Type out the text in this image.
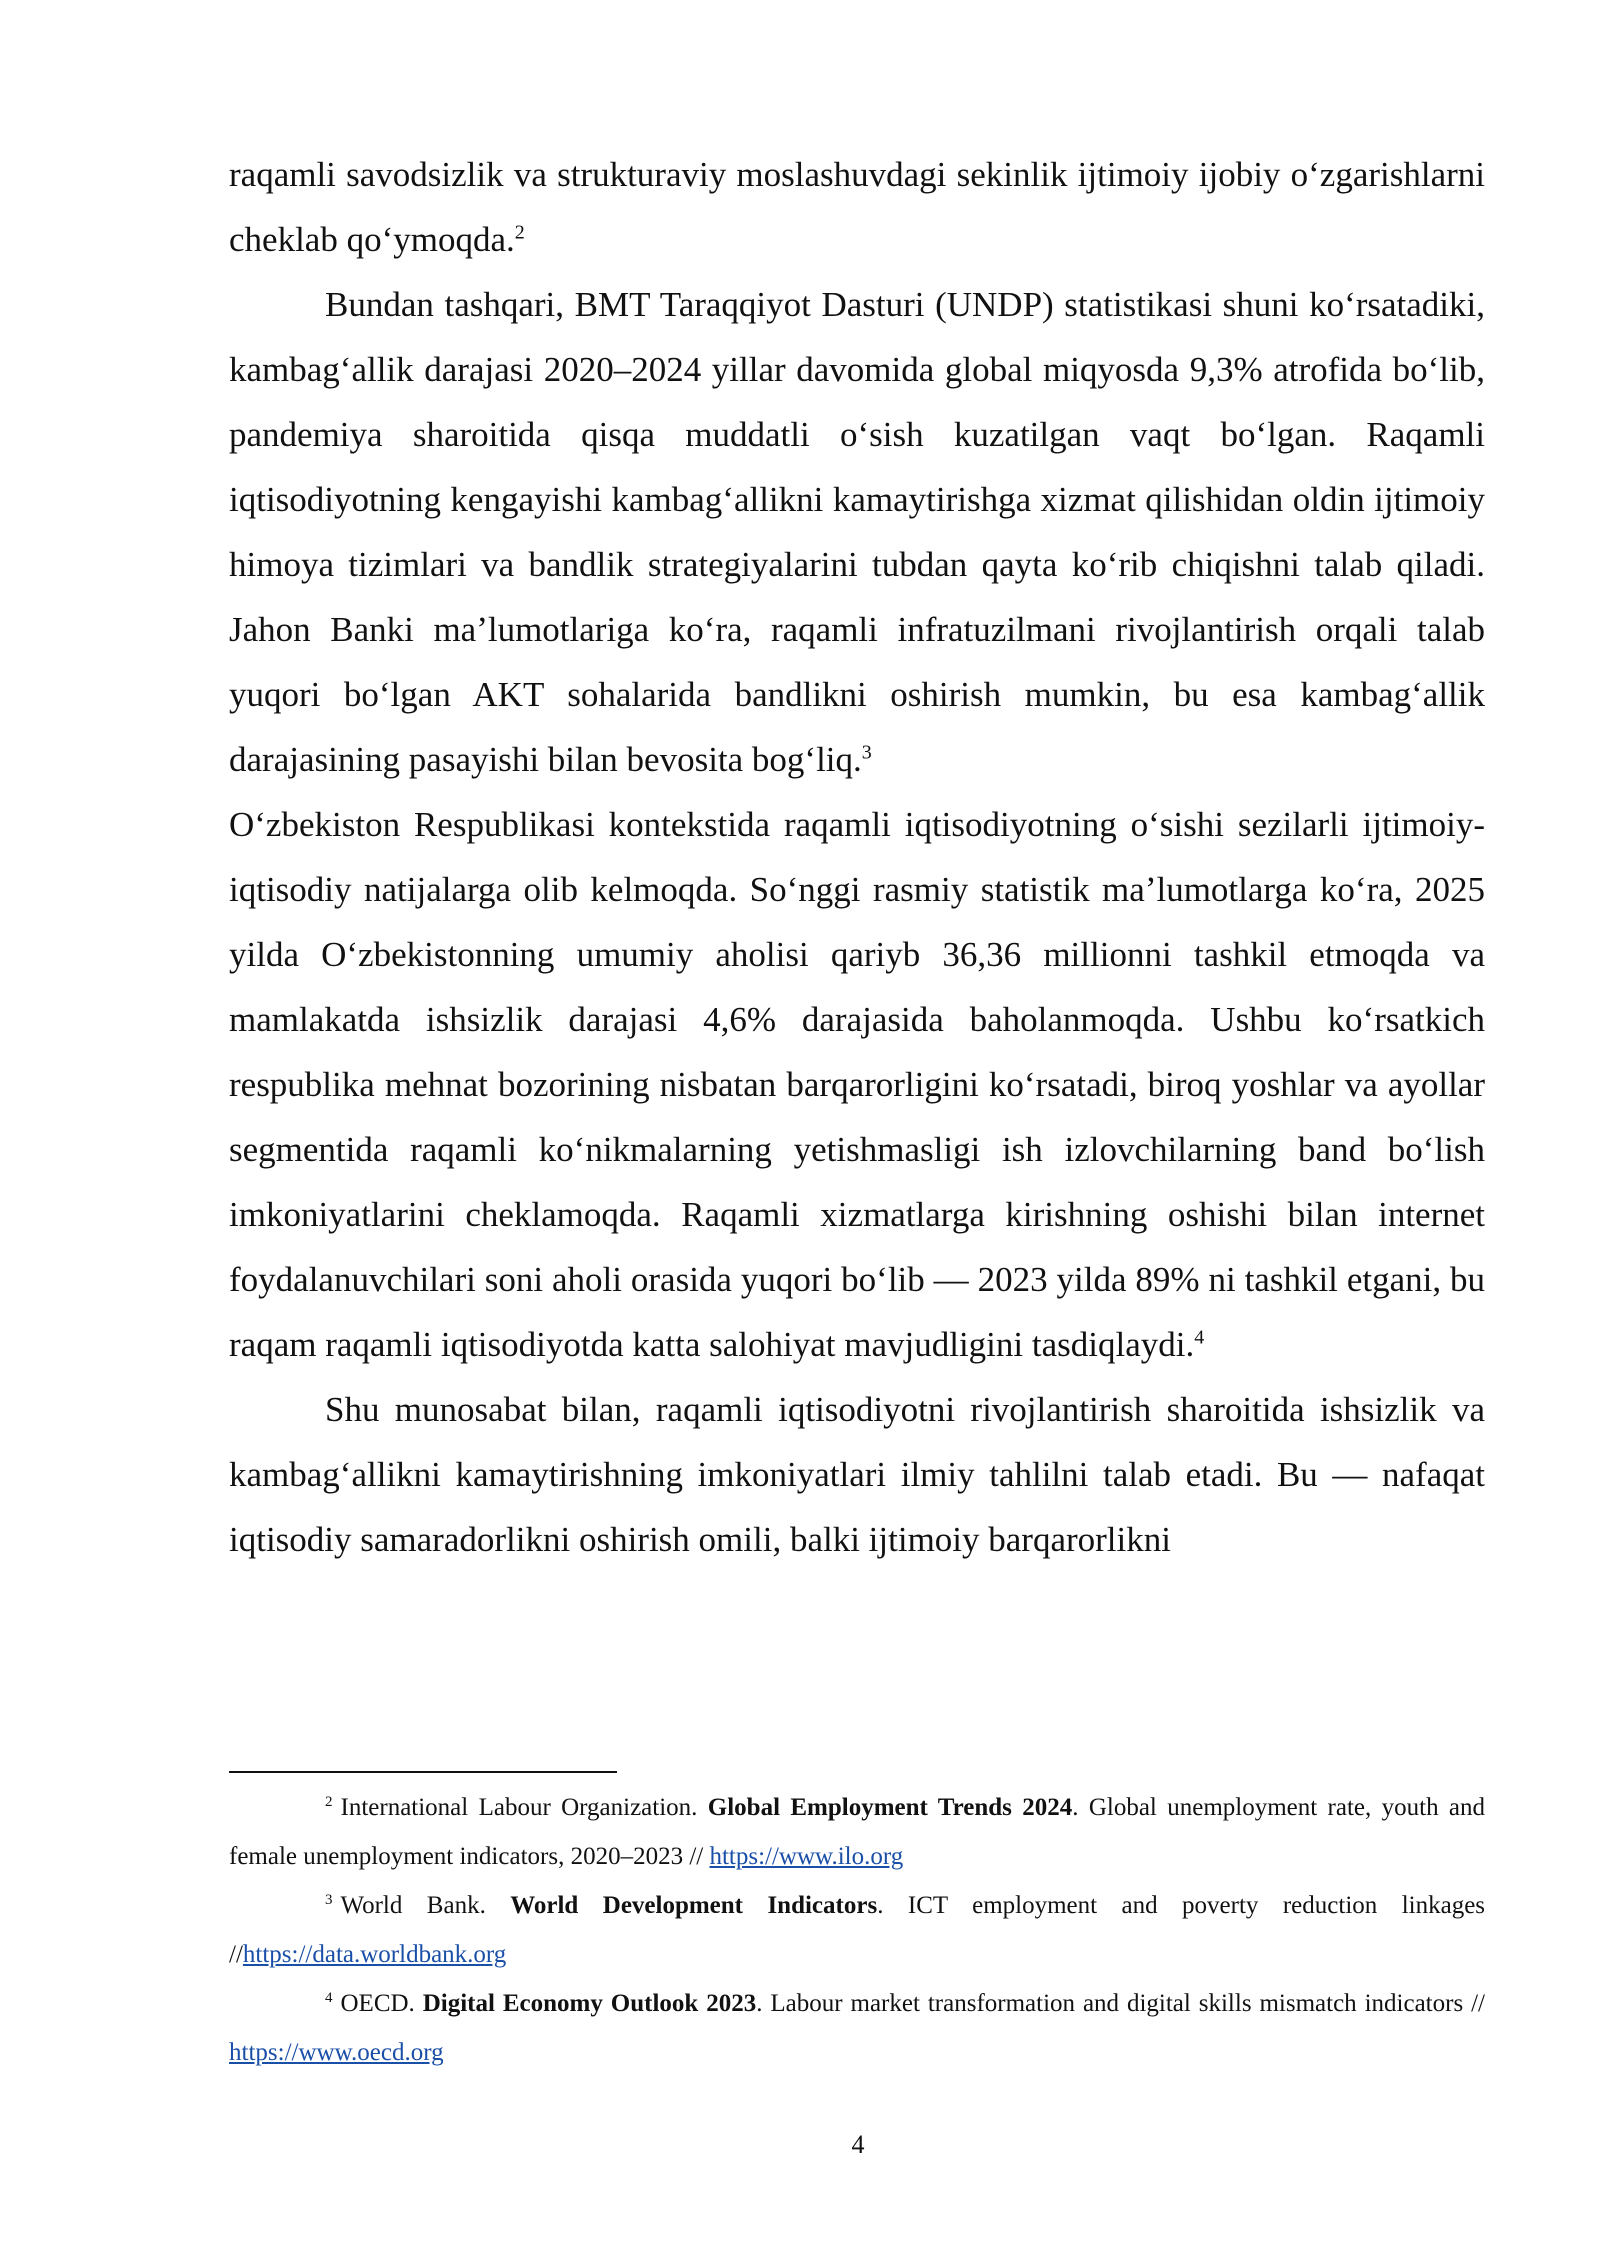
raqamli savodsizlik va strukturaviy moslashuvdagi sekinlik ijtimoiy ijobiy oʻzgarishlarni cheklab qoʻymoqda.$^2$

Bundan tashqari, BMT Taraqqiyot Dasturi (UNDP) statistikasi shuni koʻrsatadiki, kambagʻallik darajasi 2020–2024 yillar davomida global miqyosda 9,3% atrofida boʻlib, pandemiya sharoitida qisqa muddatli oʻsish kuzatilgan vaqt boʻlgan. Raqamli iqtisodiyotning kengayishi kambagʻallikni kamaytirishga xizmat qilishidan oldin ijtimoiy himoya tizimlari va bandlik strategiyalarini tubdan qayta koʻrib chiqishni talab qiladi. Jahon Banki maʼlumotlariga koʻra, raqamli infratuzilmani rivojlantirish orqali talab yuqori boʻlgan AKT sohalarida bandlikni oshirish mumkin, bu esa kambagʻallik darajasining pasayishi bilan bevosita bogʻliq.$^3$

Oʻzbekiston Respublikasi kontekstida raqamli iqtisodiyotning oʻsishi sezilarli ijtimoiy-iqtisodiy natijalarga olib kelmoqda. Soʻnggi rasmiy statistik maʼlumotlarga koʻra, 2025 yilda Oʻzbekistonning umumiy aholisi qariyb 36,36 millionni tashkil etmoqda va mamlakatda ishsizlik darajasi 4,6% darajasida baholanmoqda. Ushbu koʻrsatkich respublika mehnat bozorining nisbatan barqarorligini koʻrsatadi, biroq yoshlar va ayollar segmentida raqamli koʻnikmalarning yetishmasligi ish izlovchilarning band boʻlish imkoniyatlarini cheklamoqda. Raqamli xizmatlarga kirishning oshishi bilan internet foydalanuvchilari soni aholi orasida yuqori boʻlib — 2023 yilda 89% ni tashkil etgani, bu raqam raqamli iqtisodiyotda katta salohiyat mavjudligini tasdiqlaydi.$^4$

Shu munosabat bilan, raqamli iqtisodiyotni rivojlantirish sharoitida ishsizlik va kambagʻallikni kamaytirishning imkoniyatlari ilmiy tahlilni talab etadi. Bu — nafaqat iqtisodiy samaradorlikni oshirish omili, balki ijtimoiy barqarorlikni

$^2$ International Labour Organization. Global Employment Trends 2024. Global unemployment rate, youth and female unemployment indicators, 2020–2023 // https://www.ilo.org

$^3$ World Bank. World Development Indicators. ICT employment and poverty reduction linkages //https://data.worldbank.org

$^4$ OECD. Digital Economy Outlook 2023. Labour market transformation and digital skills mismatch indicators // https://www.oecd.org

4
